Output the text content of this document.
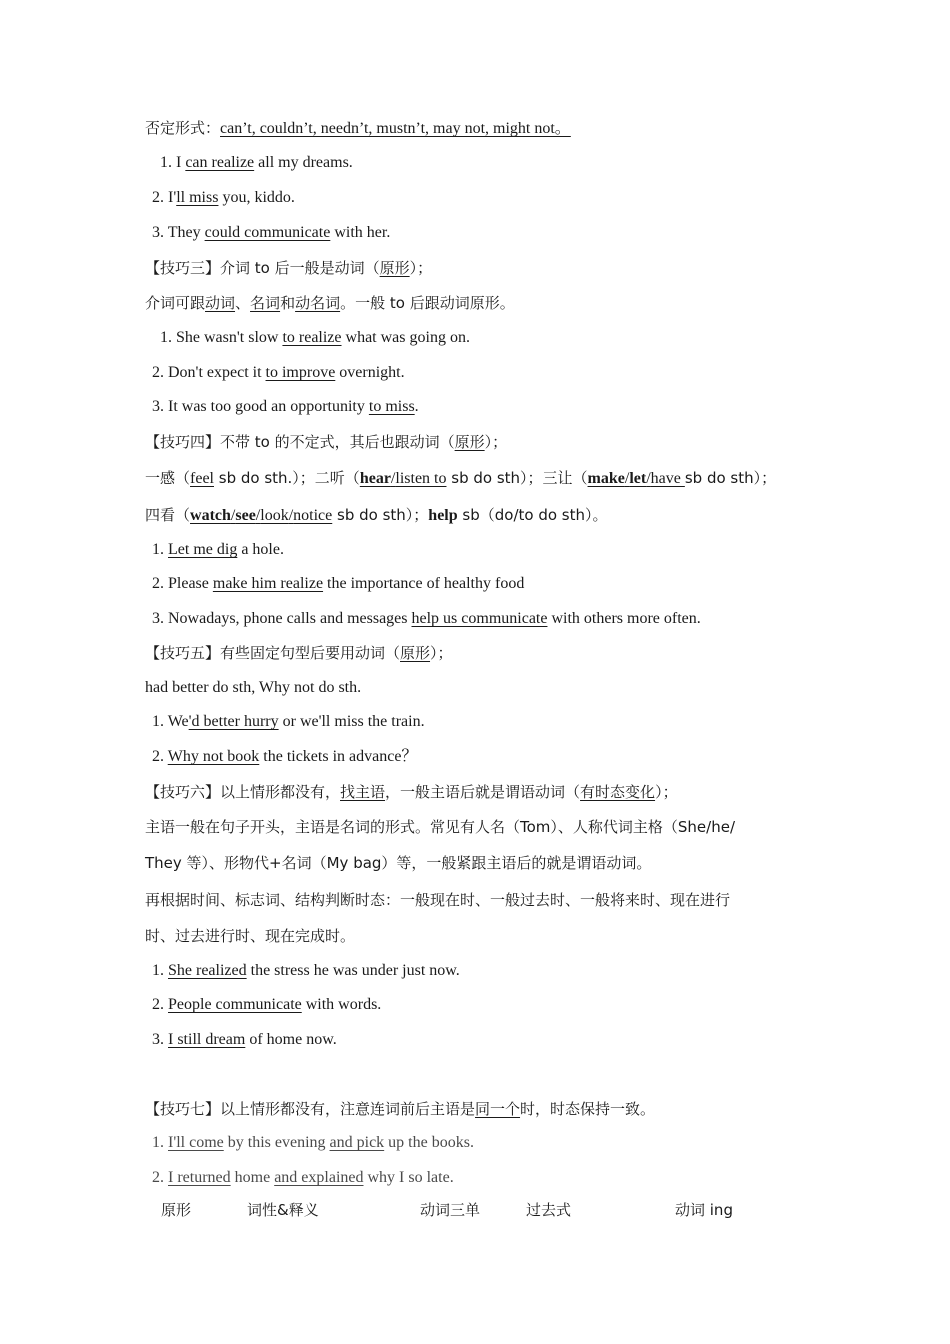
否定形式：can’t, couldn’t, needn’t, mustn’t, may not, might not。
1. I can realize all my dreams.
2. I'll miss you, kiddo.
3. They could communicate with her.
【技巧三】介词 to 后一般是动词（原形）；
介词可跟动词、名词和动名词。一般 to 后跟动词原形。
1. She wasn't slow to realize what was going on.
2. Don't expect it to improve overnight.
3. It was too good an opportunity to miss.
【技巧四】不带 to 的不定式，其后也跟动词（原形）；
一感（feel sb do sth.）；二听（hear/listen to sb do sth）；三让（make/let/have sb do sth）；
四看（watch/see/look/notice sb do sth）；help sb（do/to do sth）。
1. Let me dig a hole.
2. Please make him realize the importance of healthy food
3. Nowadays, phone calls and messages help us communicate with others more often.
【技巧五】有些固定句型后要用动词（原形）；
had better do sth, Why not do sth.
1. We'd better hurry or we'll miss the train.
2. Why not book the tickets in advance？
【技巧六】以上情形都没有，找主语，一般主语后就是谓语动词（有时态变化）；
主语一般在句子开头，主语是名词的形式。常见有人名（Tom）、人称代词主格（She/he/
They 等）、形物代+名词（My bag）等，一般紧跟主语后的就是谓语动词。
再根据时间、标志词、结构判断时态：一般现在时、一般过去时、一般将来时、现在进行
时、过去进行时、现在完成时。
1. She realized the stress he was under just now.
2. People communicate with words.
3. I still dream of home now.
【技巧七】以上情形都没有，注意连词前后主语是同一个时，时态保持一致。
1. I'll come by this evening and pick up the books.
2. I returned home and explained why I so late.
原形	词性&释义	动词三单	过去式	动词 ing
